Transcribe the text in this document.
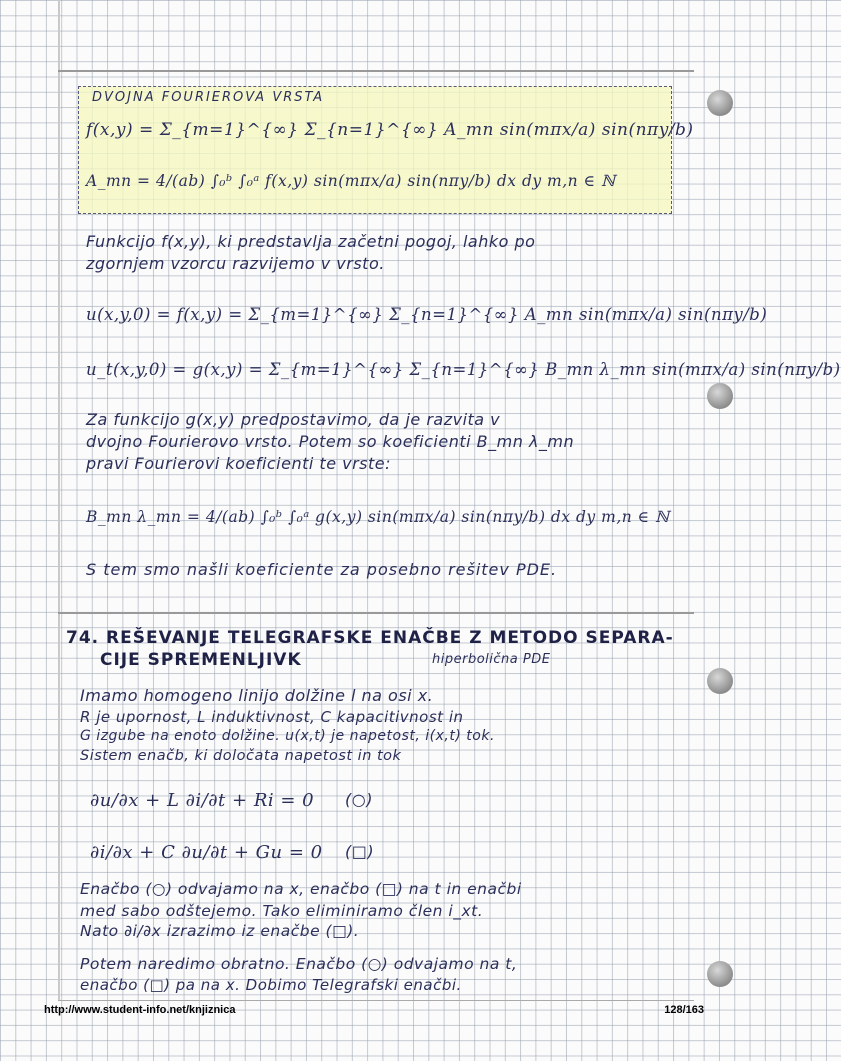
DVOJNA FOURIEROVA VRSTA
f(x,y) = Σ_{m=1}^{∞} Σ_{n=1}^{∞} A_mn sin(mπx/a) sin(nπy/b)
A_mn = 4/(ab) ∫₀ᵇ ∫₀ᵃ f(x,y) sin(mπx/a) sin(nπy/b) dx dy m,n ∈ ℕ
Funkcijo f(x,y), ki predstavlja začetni pogoj, lahko po
zgornjem vzorcu razvijemo v vrsto.
u(x,y,0) = f(x,y) = Σ_{m=1}^{∞} Σ_{n=1}^{∞} A_mn sin(mπx/a) sin(nπy/b)
u_t(x,y,0) = g(x,y) = Σ_{m=1}^{∞} Σ_{n=1}^{∞} B_mn λ_mn sin(mπx/a) sin(nπy/b)
Za funkcijo g(x,y) predpostavimo, da je razvita v
dvojno Fourierovo vrsto. Potem so koeficienti B_mn λ_mn
pravi Fourierovi koeficienti te vrste:
B_mn λ_mn = 4/(ab) ∫₀ᵇ ∫₀ᵃ g(x,y) sin(mπx/a) sin(nπy/b) dx dy m,n ∈ ℕ
S tem smo našli koeficiente za posebno rešitev PDE.
74. REŠEVANJE TELEGRAFSKE ENAČBE Z METODO SEPARA-
CIJE SPREMENLJIVK	hiperbolična PDE
Imamo homogeno linijo dolžine l na osi x.
R je upornost, L induktivnost, C kapacitivnost in
G izgube na enoto dolžine. u(x,t) je napetost, i(x,t) tok.
Sistem enačb, ki določata napetost in tok
∂u/∂x + L ∂i/∂t + Ri = 0 (○)
∂i/∂x + C ∂u/∂t + Gu = 0 (□)
Enačbo (○) odvajamo na x, enačbo (□) na t in enačbi
med sabo odštejemo. Tako eliminiramo člen i_xt.
Nato ∂i/∂x izrazimo iz enačbe (□).
Potem naredimo obratno. Enačbo (○) odvajamo na t,
enačbo (□) pa na x. Dobimo Telegrafski enačbi.
http://www.student-info.net/knjiznica	128/163
